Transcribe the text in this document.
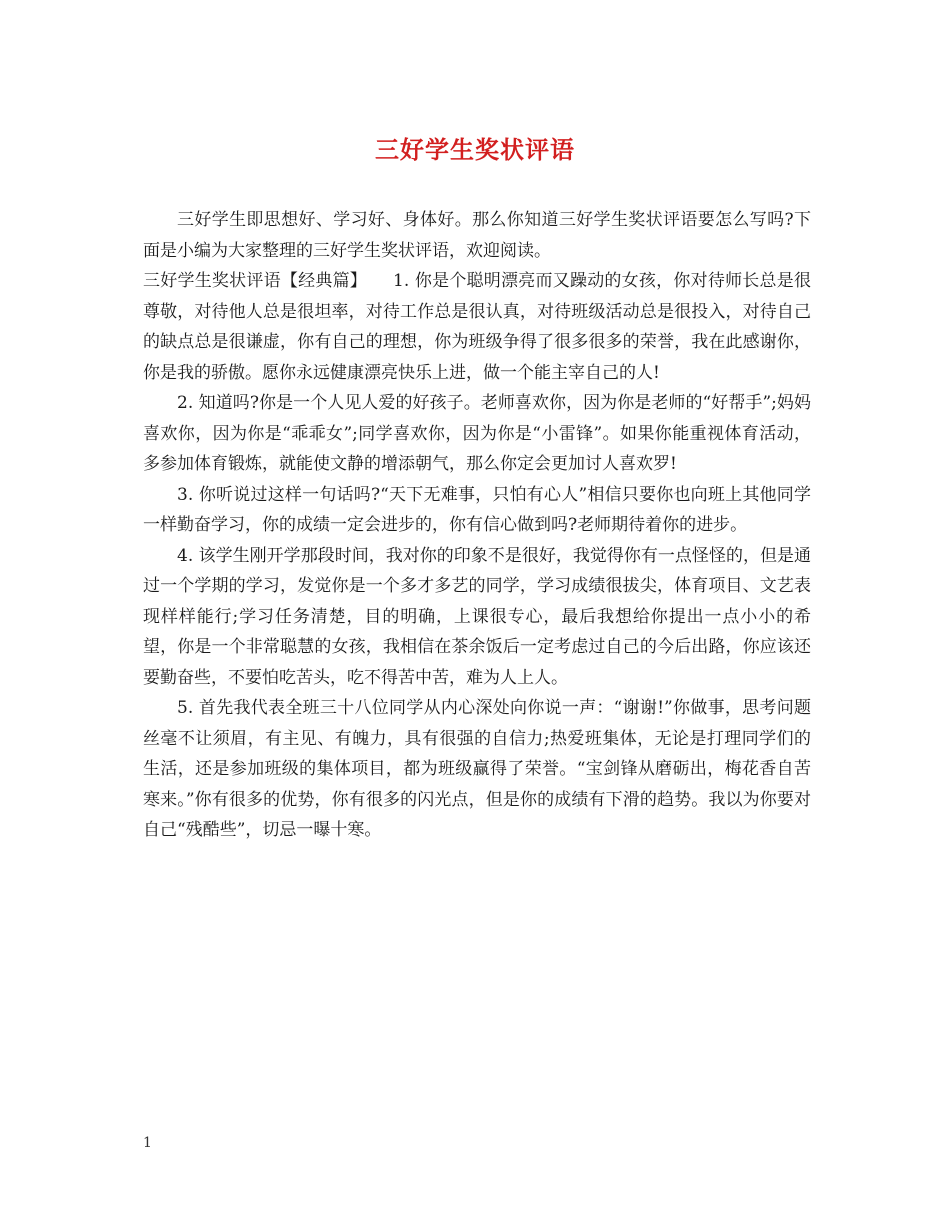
三好学生奖状评语

三好学生即思想好、学习好、身体好。那么你知道三好学生奖状评语要怎么写吗?下面是小编为大家整理的三好学生奖状评语，欢迎阅读。

三好学生奖状评语【经典篇】　　1. 你是个聪明漂亮而又躁动的女孩，你对待师长总是很尊敬，对待他人总是很坦率，对待工作总是很认真，对待班级活动总是很投入，对待自己的缺点总是很谦虚，你有自己的理想，你为班级争得了很多很多的荣誉，我在此感谢你，你是我的骄傲。愿你永远健康漂亮快乐上进，做一个能主宰自己的人!

2. 知道吗?你是一个人见人爱的好孩子。老师喜欢你，因为你是老师的“好帮手”;妈妈喜欢你，因为你是“乖乖女”;同学喜欢你，因为你是“小雷锋”。如果你能重视体育活动，多参加体育锻炼，就能使文静的增添朝气，那么你定会更加讨人喜欢罗!

3. 你听说过这样一句话吗?“天下无难事，只怕有心人”相信只要你也向班上其他同学一样勤奋学习，你的成绩一定会进步的，你有信心做到吗?老师期待着你的进步。

4. 该学生刚开学那段时间，我对你的印象不是很好，我觉得你有一点怪怪的，但是通过一个学期的学习，发觉你是一个多才多艺的同学，学习成绩很拔尖，体育项目、文艺表现样样能行;学习任务清楚，目的明确，上课很专心，最后我想给你提出一点小小的希望，你是一个非常聪慧的女孩，我相信在茶余饭后一定考虑过自己的今后出路，你应该还要勤奋些，不要怕吃苦头，吃不得苦中苦，难为人上人。

5. 首先我代表全班三十八位同学从内心深处向你说一声：“谢谢!”你做事，思考问题丝毫不让须眉，有主见、有魄力，具有很强的自信力;热爱班集体，无论是打理同学们的生活，还是参加班级的集体项目，都为班级赢得了荣誉。“宝剑锋从磨砺出，梅花香自苦寒来。”你有很多的优势，你有很多的闪光点，但是你的成绩有下滑的趋势。我以为你要对自己“残酷些”，切忌一曝十寒。

1
